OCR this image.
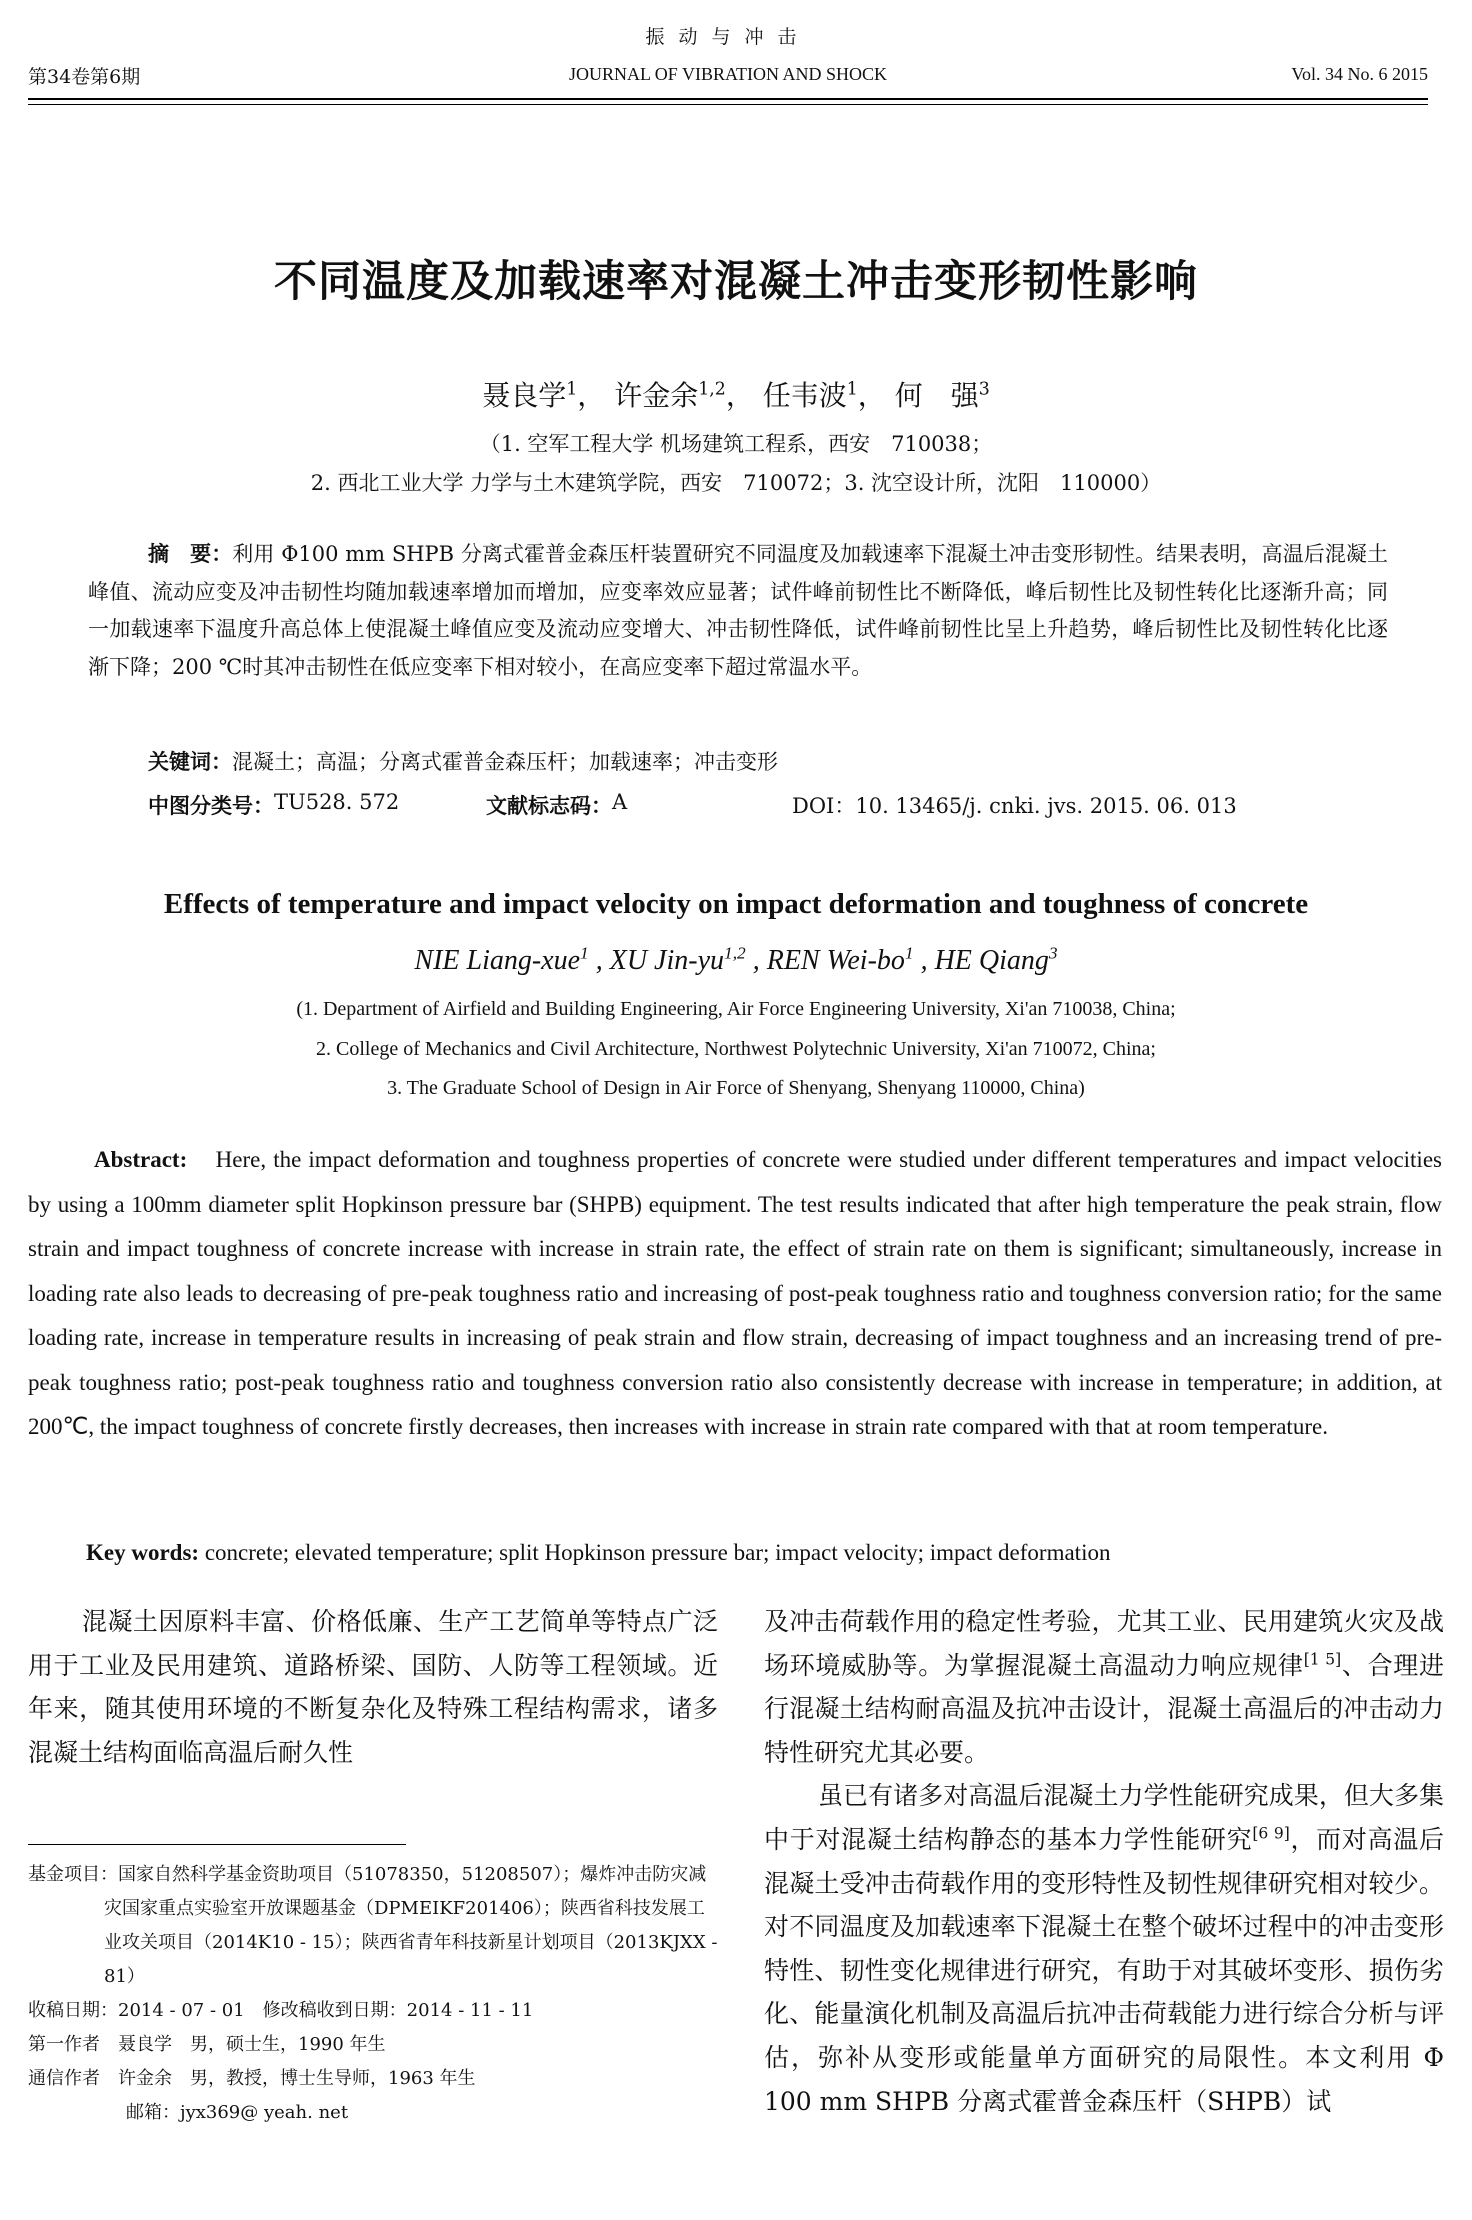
振动与冲击
第34卷第6期	JOURNAL OF VIBRATION AND SHOCK	Vol. 34 No. 6 2015
不同温度及加载速率对混凝土冲击变形韧性影响
聂良学$^1$， 许金余$^{1,2}$， 任韦波$^1$， 何　强$^3$
（1. 空军工程大学 机场建筑工程系，西安　710038；
2. 西北工业大学 力学与土木建筑学院，西安　710072；3. 沈空设计所，沈阳　110000）
摘　要：利用 Φ100 mm SHPB 分离式霍普金森压杆装置研究不同温度及加载速率下混凝土冲击变形韧性。结果表明，高温后混凝土峰值、流动应变及冲击韧性均随加载速率增加而增加，应变率效应显著；试件峰前韧性比不断降低，峰后韧性比及韧性转化比逐渐升高；同一加载速率下温度升高总体上使混凝土峰值应变及流动应变增大、冲击韧性降低，试件峰前韧性比呈上升趋势，峰后韧性比及韧性转化比逐渐下降；200 ℃时其冲击韧性在低应变率下相对较小，在高应变率下超过常温水平。
关键词：混凝土；高温；分离式霍普金森压杆；加载速率；冲击变形
中图分类号： TU528. 572	文献标志码： A	DOI：10. 13465/j. cnki. jvs. 2015. 06. 013
Effects of temperature and impact velocity on impact deformation and toughness of concrete
NIE Liang-xue$^1$ , XU Jin-yu$^{1,2}$ , REN Wei-$bo^1$ , HE Qiang$^3$
(1. Department of Airfield and Building Engineering, Air Force Engineering University, Xi'an 710038, China;
2. College of Mechanics and Civil Architecture, Northwest Polytechnic University, Xi'an 710072, China;
3. The Graduate School of Design in Air Force of Shenyang, Shenyang 110000, China)
Abstract: Here, the impact deformation and toughness properties of concrete were studied under different temperatures and impact velocities by using a 100mm diameter split Hopkinson pressure bar (SHPB) equipment. The test results indicated that after high temperature the peak strain, flow strain and impact toughness of concrete increase with increase in strain rate, the effect of strain rate on them is significant; simultaneously, increase in loading rate also leads to decreasing of pre-peak toughness ratio and increasing of post-peak toughness ratio and toughness conversion ratio; for the same loading rate, increase in temperature results in increasing of peak strain and flow strain, decreasing of impact toughness and an increasing trend of pre-peak toughness ratio; post-peak toughness ratio and toughness conversion ratio also consistently decrease with increase in temperature; in addition, at 200℃, the impact toughness of concrete firstly decreases, then increases with increase in strain rate compared with that at room temperature.
Key words: concrete; elevated temperature; split Hopkinson pressure bar; impact velocity; impact deformation

混凝土因原料丰富、价格低廉、生产工艺简单等特点广泛用于工业及民用建筑、道路桥梁、国防、人防等工程领域。近年来，随其使用环境的不断复杂化及特殊工程结构需求，诸多混凝土结构面临高温后耐久性

及冲击荷载作用的稳定性考验，尤其工业、民用建筑火灾及战场环境威胁等。为掌握混凝土高温动力响应规律[1 5]、合理进行混凝土结构耐高温及抗冲击设计，混凝土高温后的冲击动力特性研究尤其必要。

虽已有诸多对高温后混凝土力学性能研究成果，但大多集中于对混凝土结构静态的基本力学性能研究[6 9]，而对高温后混凝土受冲击荷载作用的变形特性及韧性规律研究相对较少。对不同温度及加载速率下混凝土在整个破坏过程中的冲击变形特性、韧性变化规律进行研究，有助于对其破坏变形、损伤劣化、能量演化机制及高温后抗冲击荷载能力进行综合分析与评估，弥补从变形或能量单方面研究的局限性。本文利用 Φ 100 mm SHPB 分离式霍普金森压杆（SHPB）试

基金项目：国家自然科学基金资助项目（51078350，51208507）；爆炸冲击防灾减灾国家重点实验室开放课题基金（DPMEIKF201406）；陕西省科技发展工业攻关项目（2014K10 - 15）；陕西省青年科技新星计划项目（2013KJXX - 81）
收稿日期：2014 - 07 - 01　修改稿收到日期：2014 - 11 - 11
第一作者　聂良学　男，硕士生，1990 年生
通信作者　许金余　男，教授，博士生导师，1963 年生
邮箱：jyx369@ yeah. net
